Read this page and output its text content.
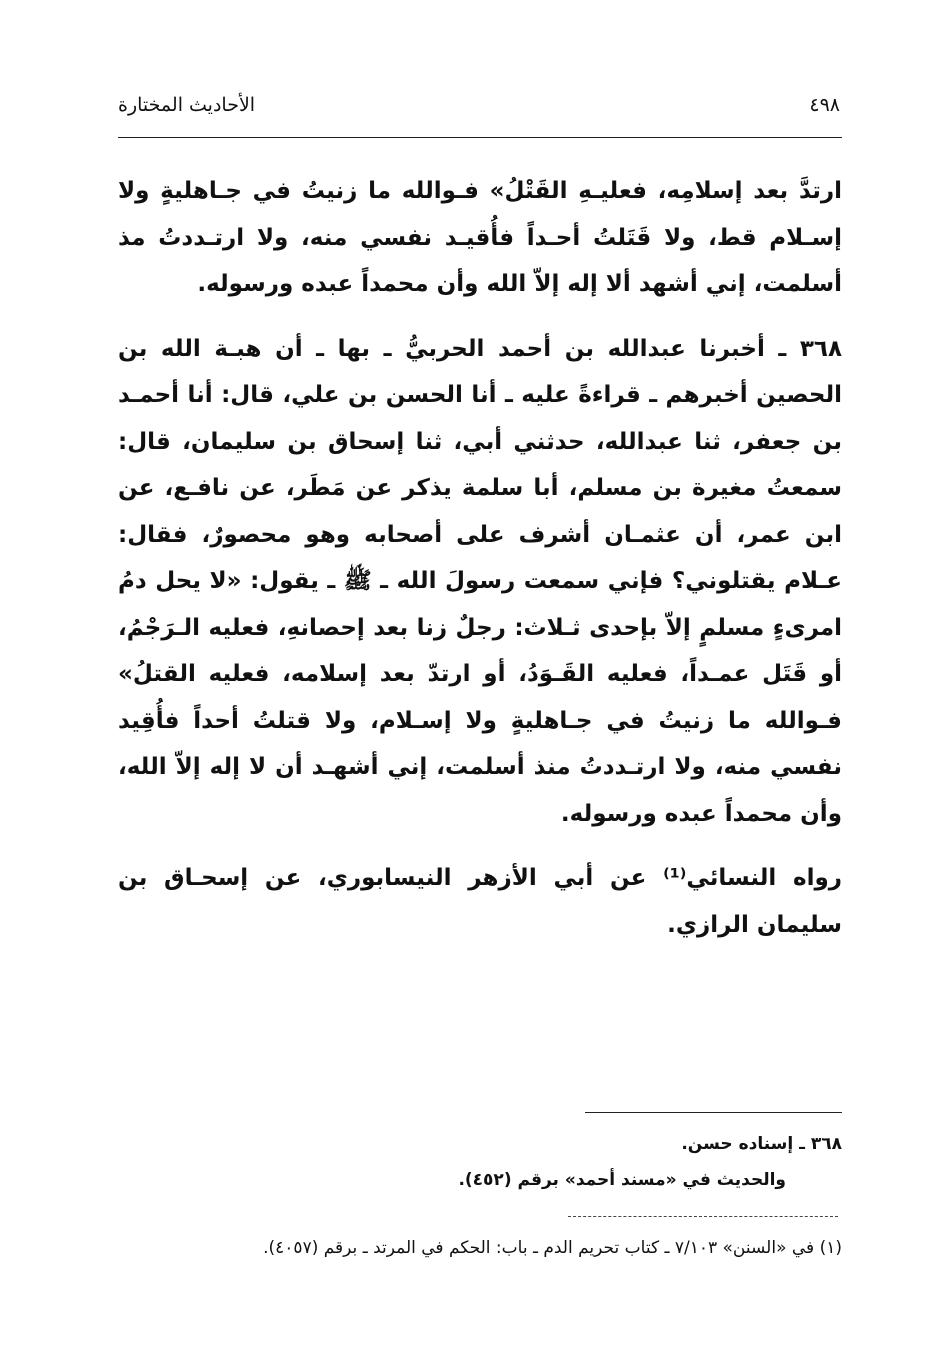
٤٩٨
الأحاديث المختارة

ارتدَّ بعد إسلامِه، فعليـهِ القَتْلُ» فـوالله ما زنيتُ في جـاهليةٍ ولا إسـلام قط، ولا قَتَلتُ أحـداً فأُقيـد نفسي منه، ولا ارتـددتُ مذ أسلمت، إني أشهد ألا إله إلاّ الله وأن محمداً عبده ورسوله.

٣٦٨ ـ أخبرنا عبدالله بن أحمد الحربيُّ ـ بها ـ أن هبـة الله بن الحصين أخبرهم ـ قراءةً عليه ـ أنا الحسن بن علي، قال: أنا أحمـد بن جعفر، ثنا عبدالله، حدثني أبي، ثنا إسحاق بن سليمان، قال: سمعتُ مغيرة بن مسلم، أبا سلمة يذكر عن مَطَر، عن نافـع، عن ابن عمر، أن عثمـان أشرف على أصحابه وهو محصورٌ، فقال: عـلام يقتلوني؟ فإني سمعت رسولَ الله ـ ﷺ ـ يقول: «لا يحل دمُ امرىءٍ مسلمٍ إلاّ بإحدى ثـلاث: رجلٌ زنا بعد إحصانهِ، فعليه الـرَجْمُ، أو قَتَل عمـداً، فعليه القَـوَدُ، أو ارتدّ بعد إسلامه، فعليه القتلُ» فـوالله ما زنيتُ في جـاهليةٍ ولا إسـلام، ولا قتلتُ أحداً فأُقِيد نفسي منه، ولا ارتـددتُ منذ أسلمت، إني أشهـد أن لا إله إلاّ الله، وأن محمداً عبده ورسوله.

رواه النسائي⁽¹⁾ عن أبي الأزهر النيسابوري، عن إسحـاق بن سليمان الرازي.

٣٦٨ ـ إسناده حسن.
والحديث في «مسند أحمد» برقم (٤٥٢).
(١) في «السنن» ٧/١٠٣ ـ كتاب تحريم الدم ـ باب: الحكم في المرتد ـ برقم (٤٠٥٧).
